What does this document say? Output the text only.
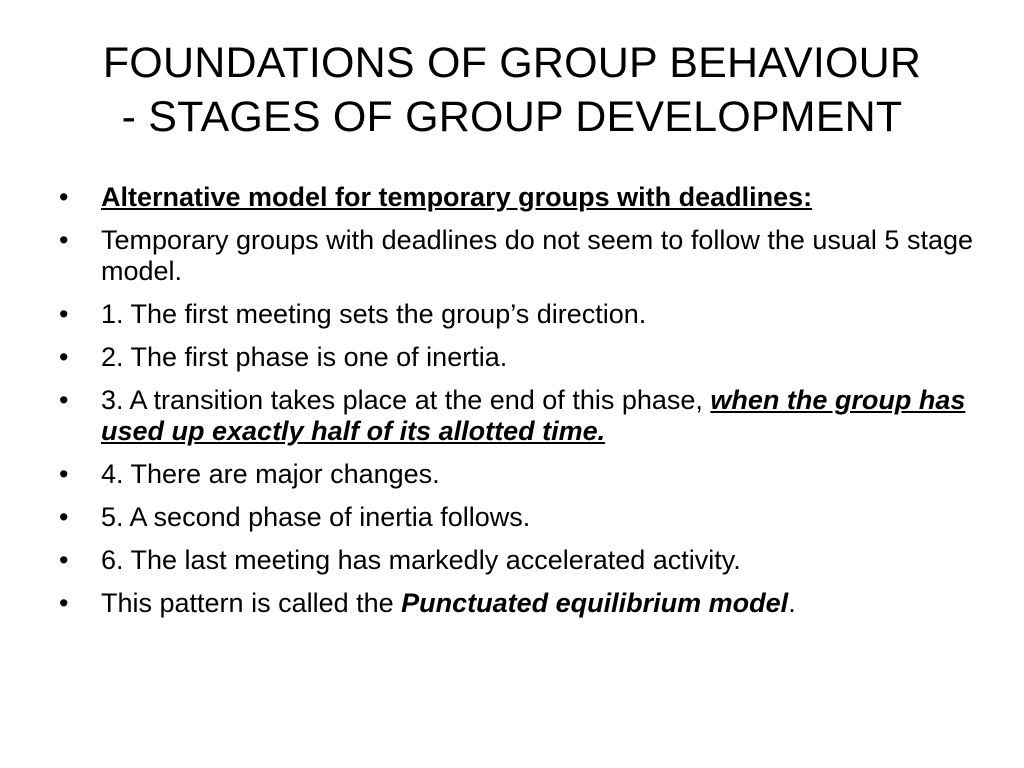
FOUNDATIONS OF GROUP BEHAVIOUR
- STAGES OF GROUP DEVELOPMENT
• Alternative model for temporary groups with deadlines:
• Temporary groups with deadlines do not seem to follow the usual 5 stage model.
• 1. The first meeting sets the group’s direction.
• 2. The first phase is one of inertia.
• 3. A transition takes place at the end of this phase, when the group has used up exactly half of its allotted time.
• 4. There are major changes.
• 5. A second phase of inertia follows.
• 6. The last meeting has markedly accelerated activity.
• This pattern is called the Punctuated equilibrium model.
